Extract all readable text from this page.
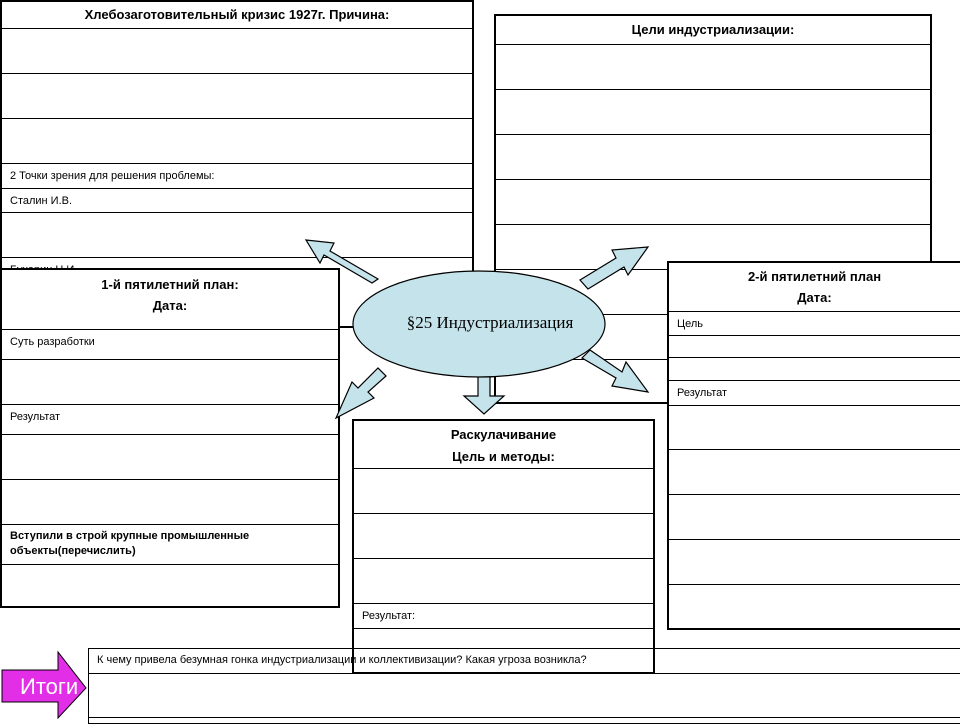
Хлебозаготовительный кризис 1927г. Причина:
2 Точки зрения для решения проблемы:
Сталин И.В.
Цели индустриализации:
2-й пятилетний план
Дата:
Цель
Результат
Раскулачивание
Цель и методы:
Результат:
1-й пятилетний план:
Дата:
Суть разработки
Результат
Вступили в строй крупные промышленные объекты(перечислить)
К чему привела безумная гонка индустриализации и коллективизации? Какая угроза возникла?
§25 Индустриализация
Итоги
